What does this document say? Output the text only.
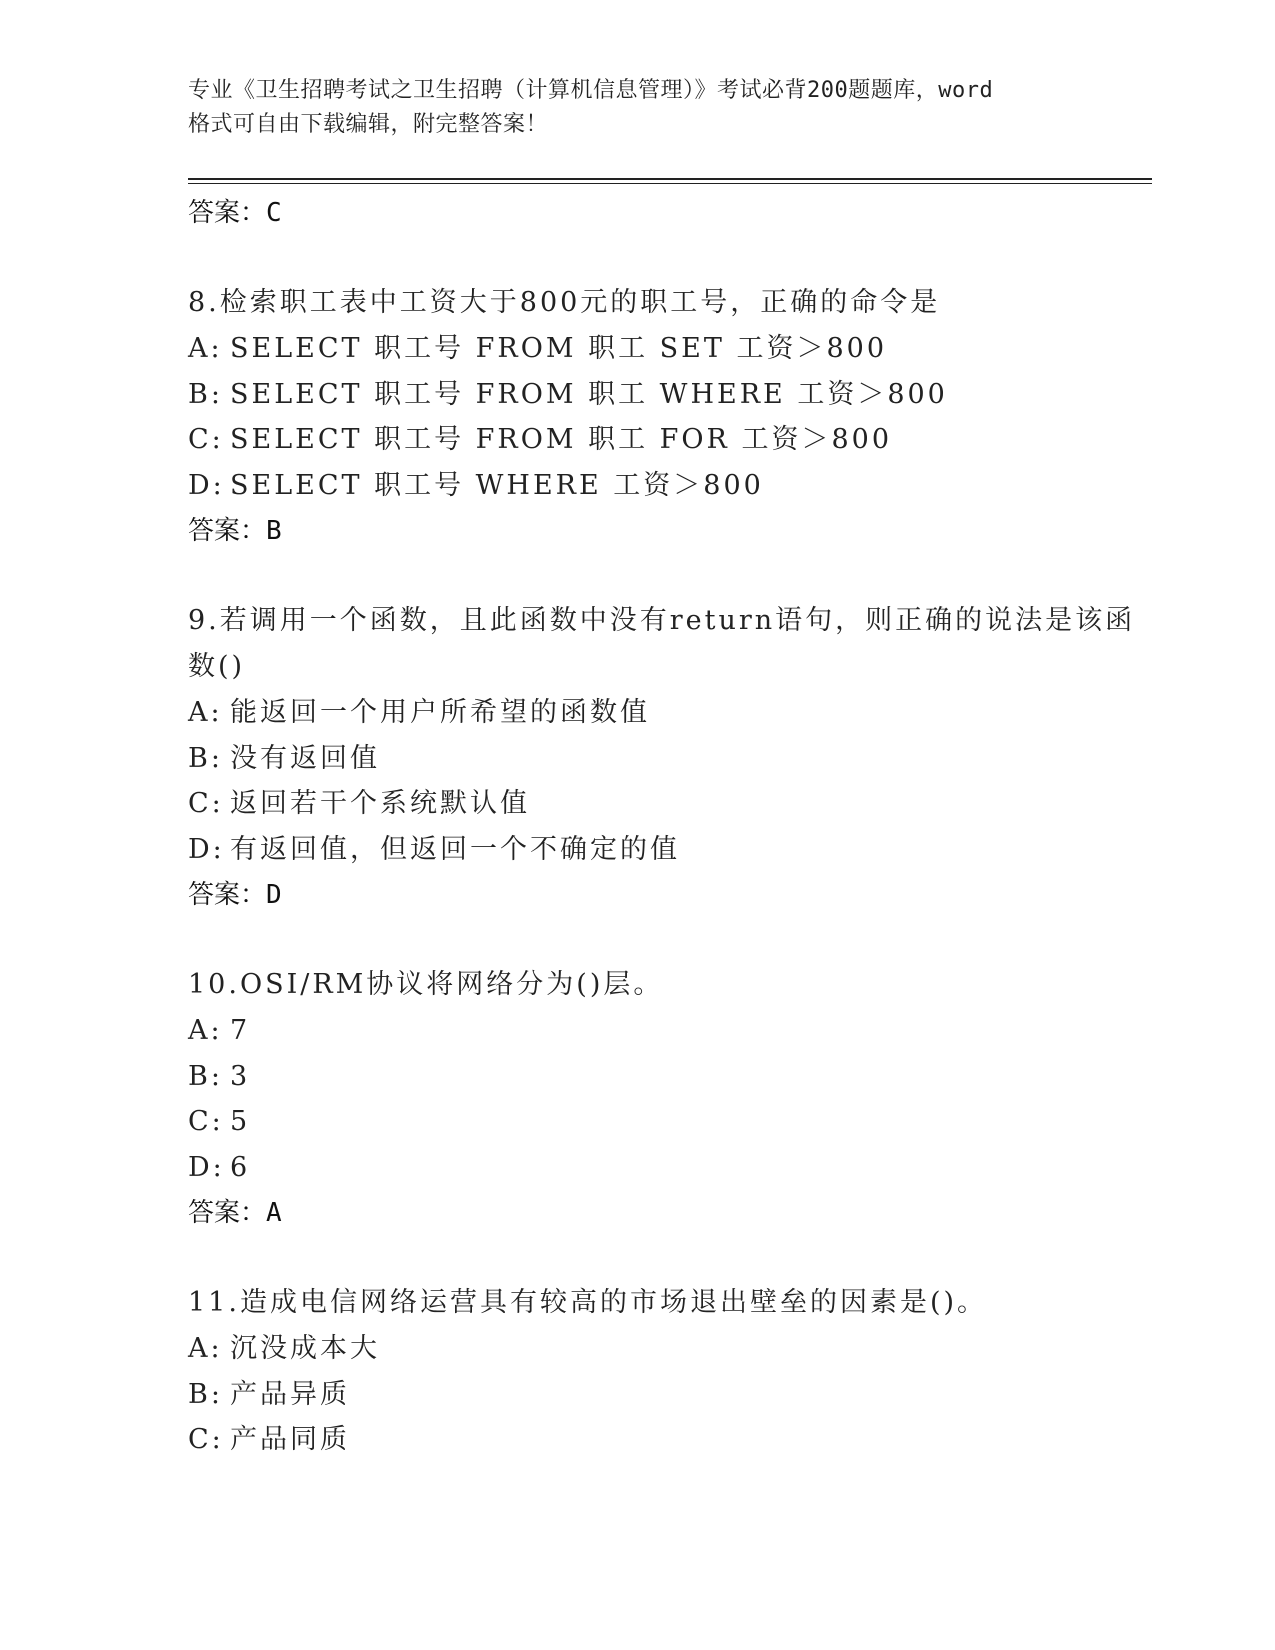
专业《卫生招聘考试之卫生招聘（计算机信息管理）》考试必背200题题库，word
格式可自由下载编辑，附完整答案！
答案：C
8.检索职工表中工资大于800元的职工号，正确的命令是
A: SELECT 职工号 FROM 职工 SET 工资＞800
B: SELECT 职工号 FROM 职工 WHERE 工资＞800
C: SELECT 职工号 FROM 职工 FOR 工资＞800
D: SELECT 职工号 WHERE 工资＞800
答案：B
9.若调用一个函数，且此函数中没有return语句，则正确的说法是该函数()
A: 能返回一个用户所希望的函数值
B: 没有返回值
C: 返回若干个系统默认值
D: 有返回值，但返回一个不确定的值
答案：D
10.OSI/RM协议将网络分为()层。
A: 7
B: 3
C: 5
D: 6
答案：A
11.造成电信网络运营具有较高的市场退出壁垒的因素是()。
A: 沉没成本大
B: 产品异质
C: 产品同质
